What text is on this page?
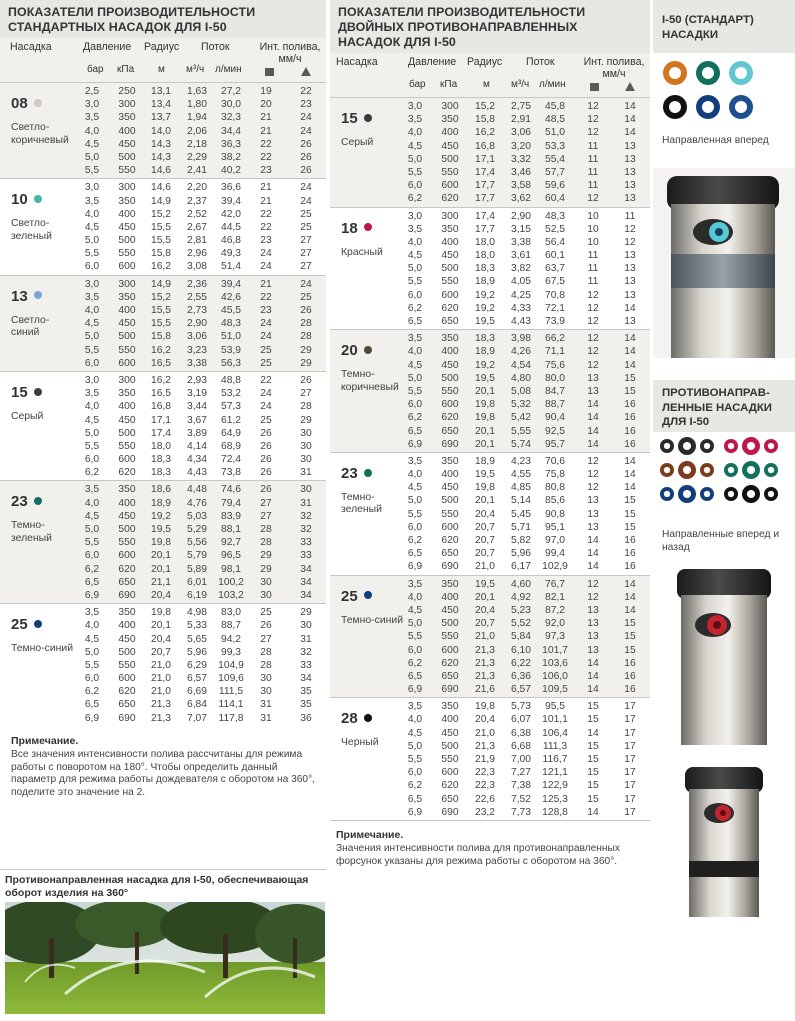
ПОКАЗАТЕЛИ ПРОИЗВОДИТЕЛЬНОСТИ СТАНДАРТНЫХ НАСАДОК ДЛЯ I-50
Насадка	Давление Радиус Поток	Инт. полива, мм/ч
бар кПа м м³/ч л/мин
08
Светло-коричневый
2,5	250	13,1	1,63	27,2	19	22
3,0	300	13,4	1,80	30,0	20	23
3,5	350	13,7	1,94	32,3	21	24
4,0	400	14,0	2,06	34,4	21	24
4,5	450	14,3	2,18	36,3	22	26
5,0	500	14,3	2,29	38,2	22	26
5,5	550	14,6	2,41	40,2	23	26
10
Светло-зеленый
3,0	300	14,6	2,20	36,6	21	24
3,5	350	14,9	2,37	39,4	21	24
4,0	400	15,2	2,52	42,0	22	25
4,5	450	15,5	2,67	44,5	22	25
5,0	500	15,5	2,81	46,8	23	27
5,5	550	15,8	2,96	49,3	24	27
6,0	600	16,2	3,08	51,4	24	27
13
Светло-синий
3,0	300	14,9	2,36	39,4	21	24
3,5	350	15,2	2,55	42,6	22	25
4,0	400	15,5	2,73	45,5	23	26
4,5	450	15,5	2,90	48,3	24	28
5,0	500	15,8	3,06	51,0	24	28
5,5	550	16,2	3,23	53,9	25	29
6,0	600	16,5	3,38	56,3	25	29
15
Серый
3,0	300	16,2	2,93	48,8	22	26
3,5	350	16,5	3,19	53,2	24	27
4,0	400	16,8	3,44	57,3	24	28
4,5	450	17,1	3,67	61,2	25	29
5,0	500	17,4	3,89	64,9	26	30
5,5	550	18,0	4,14	68,9	26	30
6,0	600	18,3	4,34	72,4	26	30
6,2	620	18,3	4,43	73,8	26	31
23
Темно-зеленый
3,5	350	18,6	4,48	74,6	26	30
4,0	400	18,9	4,76	79,4	27	31
4,5	450	19,2	5,03	83,9	27	32
5,0	500	19,5	5,29	88,1	28	32
5,5	550	19,8	5,56	92,7	28	33
6,0	600	20,1	5,79	96,5	29	33
6,2	620	20,1	5,89	98,1	29	34
6,5	650	21,1	6,01	100,2	30	34
6,9	690	20,4	6,19	103,2	30	34
25
Темно-синий
3,5	350	19,8	4,98	83,0	25	29
4,0	400	20,1	5,33	88,7	26	30
4,5	450	20,4	5,65	94,2	27	31
5,0	500	20,7	5,96	99,3	28	32
5,5	550	21,0	6,29	104,9	28	33
6,0	600	21,0	6,57	109,6	30	34
6,2	620	21,0	6,69	111,5	30	35
6,5	650	21,3	6,84	114,1	31	35
6,9	690	21,3	7,07	117,8	31	36
Примечание.
Все значения интенсивности полива рассчитаны для режима работы с поворотом на 180°. Чтобы определить данный параметр для режима работы дождевателя с оборотом на 360°, поделите это значение на 2.
Противонаправленная насадка для I-50, обеспечивающая оборот изделия на 360°
ПОКАЗАТЕЛИ ПРОИЗВОДИТЕЛЬНОСТИ ДВОЙНЫХ ПРОТИВОНАПРАВЛЕННЫХ НАСАДОК ДЛЯ I-50
Насадка	Давление Радиус Поток	Инт. полива, мм/ч
бар кПа	м м³/ч л/мин
15
Серый
3,0	300	15,2	2,75	45,8	12	14
3,5	350	15,8	2,91	48,5	12	14
4,0	400	16,2	3,06	51,0	12	14
4,5	450	16,8	3,20	53,3	11	13
5,0	500	17,1	3,32	55,4	11	13
5,5	550	17,4	3,46	57,7	11	13
6,0	600	17,7	3,58	59,6	11	13
6,2	620	17,7	3,62	60,4	12	13
18
Красный
3,0	300	17,4	2,90	48,3	10	11
3,5	350	17,7	3,15	52,5	10	12
4,0	400	18,0	3,38	56,4	10	12
4,5	450	18,0	3,61	60,1	11	13
5,0	500	18,3	3,82	63,7	11	13
5,5	550	18,9	4,05	67,5	11	13
6,0	600	19,2	4,25	70,8	12	13
6,2	620	19,2	4,33	72,1	12	14
6,5	650	19,5	4,43	73,9	12	13
20
Темно-коричневый
3,5	350	18,3	3,98	66,2	12	14
4,0	400	18,9	4,26	71,1	12	14
4,5	450	19,2	4,54	75,6	12	14
5,0	500	19,5	4,80	80,0	13	15
5,5	550	20,1	5,08	84,7	13	15
6,0	600	19,8	5,32	88,7	14	16
6,2	620	19,8	5,42	90,4	14	16
6,5	650	20,1	5,55	92,5	14	16
6,9	690	20,1	5,74	95,7	14	16
23
Темно-зеленый
3,5	350	18,9	4,23	70,6	12	14
4,0	400	19,5	4,55	75,8	12	14
4,5	450	19,8	4,85	80,8	12	14
5,0	500	20,1	5,14	85,6	13	15
5,5	550	20,4	5,45	90,8	13	15
6,0	600	20,7	5,71	95,1	13	15
6,2	620	20,7	5,82	97,0	14	16
6,5	650	20,7	5,96	99,4	14	16
6,9	690	21,0	6,17	102,9	14	16
25
Темно-синий
3,5	350	19,5	4,60	76,7	12	14
4,0	400	20,1	4,92	82,1	12	14
4,5	450	20,4	5,23	87,2	13	14
5,0	500	20,7	5,52	92,0	13	15
5,5	550	21,0	5,84	97,3	13	15
6,0	600	21,3	6,10	101,7	13	15
6,2	620	21,3	6,22	103,6	14	16
6,5	650	21,3	6,36	106,0	14	16
6,9	690	21,6	6,57	109,5	14	16
28
Черный
3,5	350	19,8	5,73	95,5	15	17
4,0	400	20,4	6,07	101,1	15	17
4,5	450	21,0	6,38	106,4	14	17
5,0	500	21,3	6,68	111,3	15	17
5,5	550	21,9	7,00	116,7	15	17
6,0	600	22,3	7,27	121,1	15	17
6,2	620	22,3	7,38	122,9	15	17
6,5	650	22,6	7,52	125,3	15	17
6,9	690	23,2	7,73	128,8	14	17
Примечание.
Значения интенсивности полива для противонаправленных форсунок указаны для режима работы с оборотом на 360°.
I-50 (СТАНДАРТ) НАСАДКИ
Направленная вперед
ПРОТИВОНАПРАВ-ЛЕННЫЕ НАСАДКИ ДЛЯ I-50
Направленные вперед и назад
